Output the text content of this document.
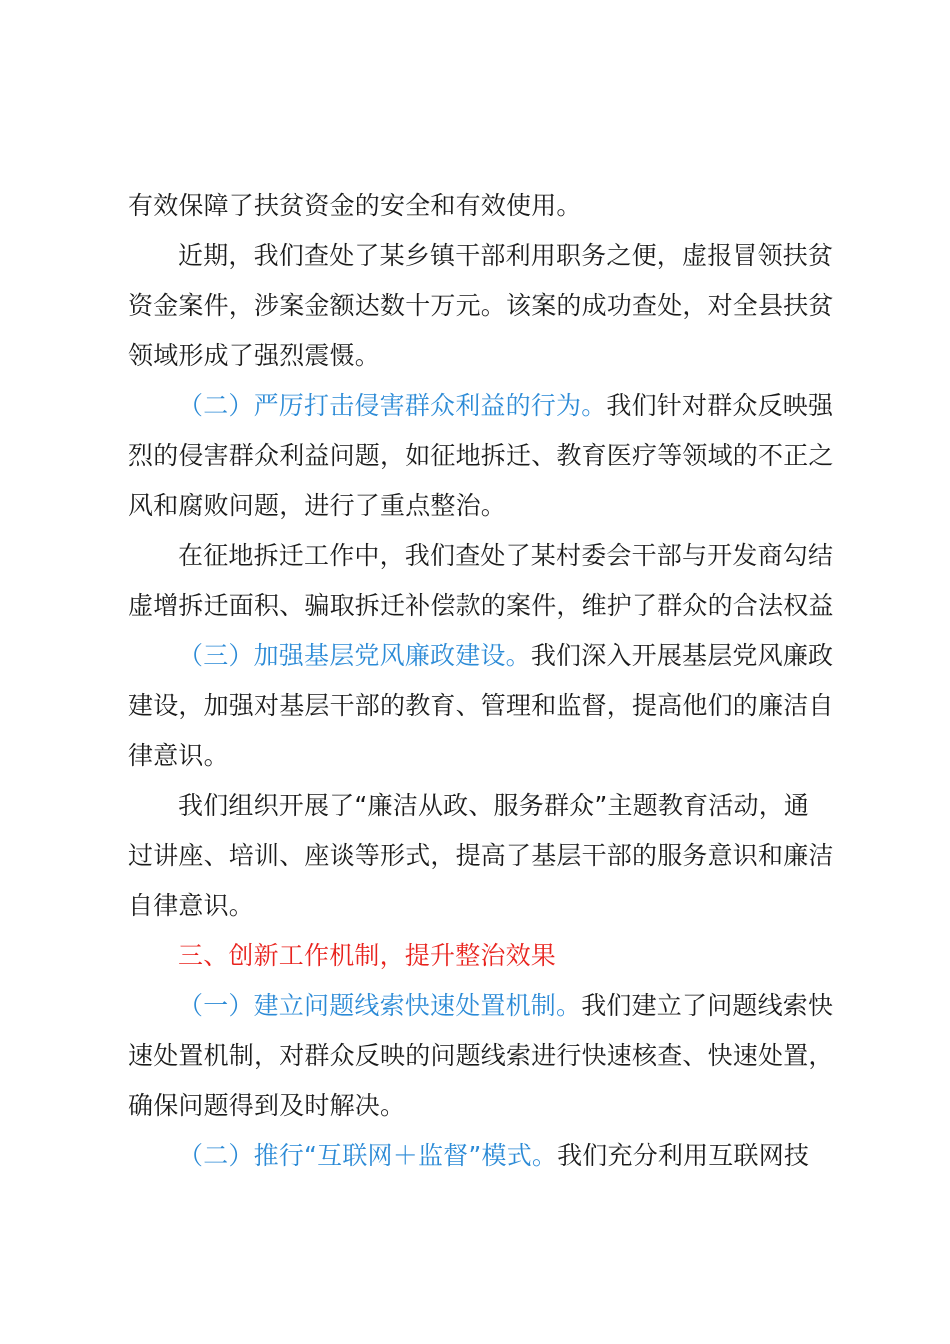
有效保障了扶贫资金的安全和有效使用。
近期，我们查处了某乡镇干部利用职务之便，虚报冒领扶贫
资金案件，涉案金额达数十万元。该案的成功查处，对全县扶贫
领域形成了强烈震慑。
（二）严厉打击侵害群众利益的行为。我们针对群众反映强
烈的侵害群众利益问题，如征地拆迁、教育医疗等领域的不正之
风和腐败问题，进行了重点整治。
在征地拆迁工作中，我们查处了某村委会干部与开发商勾结
虚增拆迁面积、骗取拆迁补偿款的案件，维护了群众的合法权益
（三）加强基层党风廉政建设。我们深入开展基层党风廉政
建设，加强对基层干部的教育、管理和监督，提高他们的廉洁自
律意识。
我们组织开展了“廉洁从政、服务群众”主题教育活动，通
过讲座、培训、座谈等形式，提高了基层干部的服务意识和廉洁
自律意识。
三、创新工作机制，提升整治效果
（一）建立问题线索快速处置机制。我们建立了问题线索快
速处置机制，对群众反映的问题线索进行快速核查、快速处置，
确保问题得到及时解决。
（二）推行“互联网＋监督”模式。我们充分利用互联网技
